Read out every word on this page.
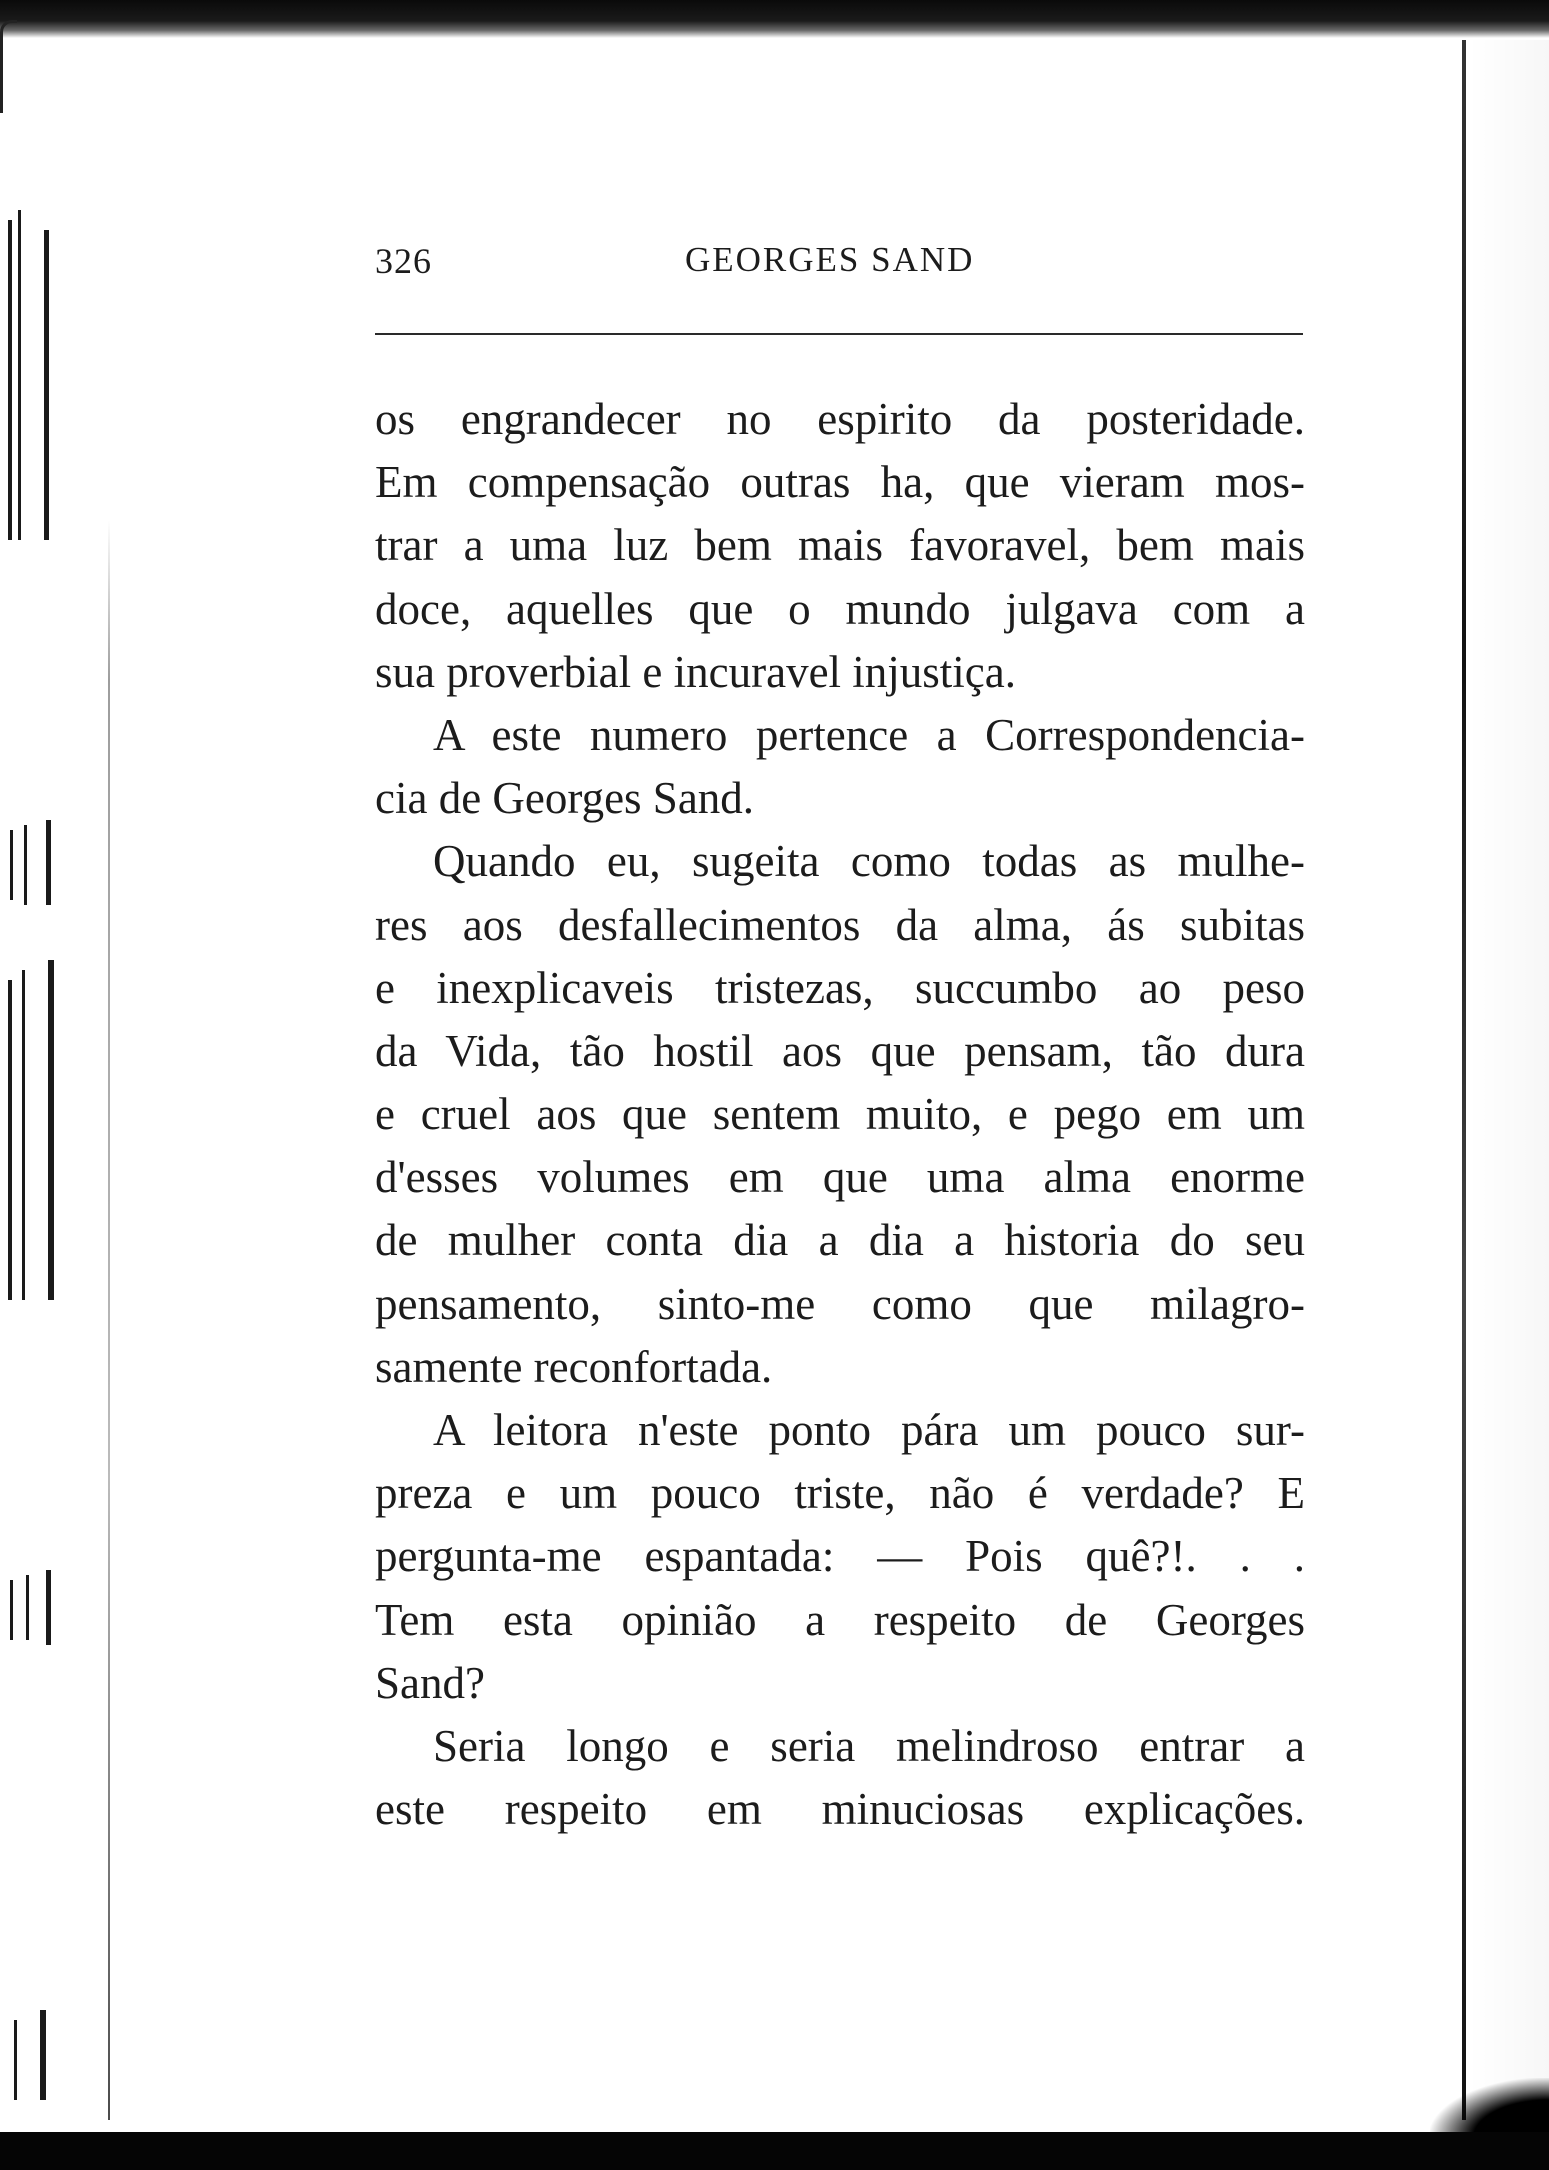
326	GEORGES SAND
os engrandecer no espirito da posteridade.
Em compensação outras ha, que vieram mos-
trar a uma luz bem mais favoravel, bem mais
doce, aquelles que o mundo julgava com a
sua proverbial e incuravel injustiça.
A este numero pertence a Correspondencia-
cia de Georges Sand.
Quando eu, sugeita como todas as mulhe-
res aos desfallecimentos da alma, ás subitas
e inexplicaveis tristezas, succumbo ao peso
da Vida, tão hostil aos que pensam, tão dura
e cruel aos que sentem muito, e pego em um
d'esses volumes em que uma alma enorme
de mulher conta dia a dia a historia do seu
pensamento, sinto-me como que milagro-
samente reconfortada.
A leitora n'este ponto pára um pouco sur-
preza e um pouco triste, não é verdade? E
pergunta-me espantada: — Pois quê?!. . .
Tem esta opinião a respeito de Georges
Sand?
Seria longo e seria melindroso entrar a
este respeito em minuciosas explicações.
